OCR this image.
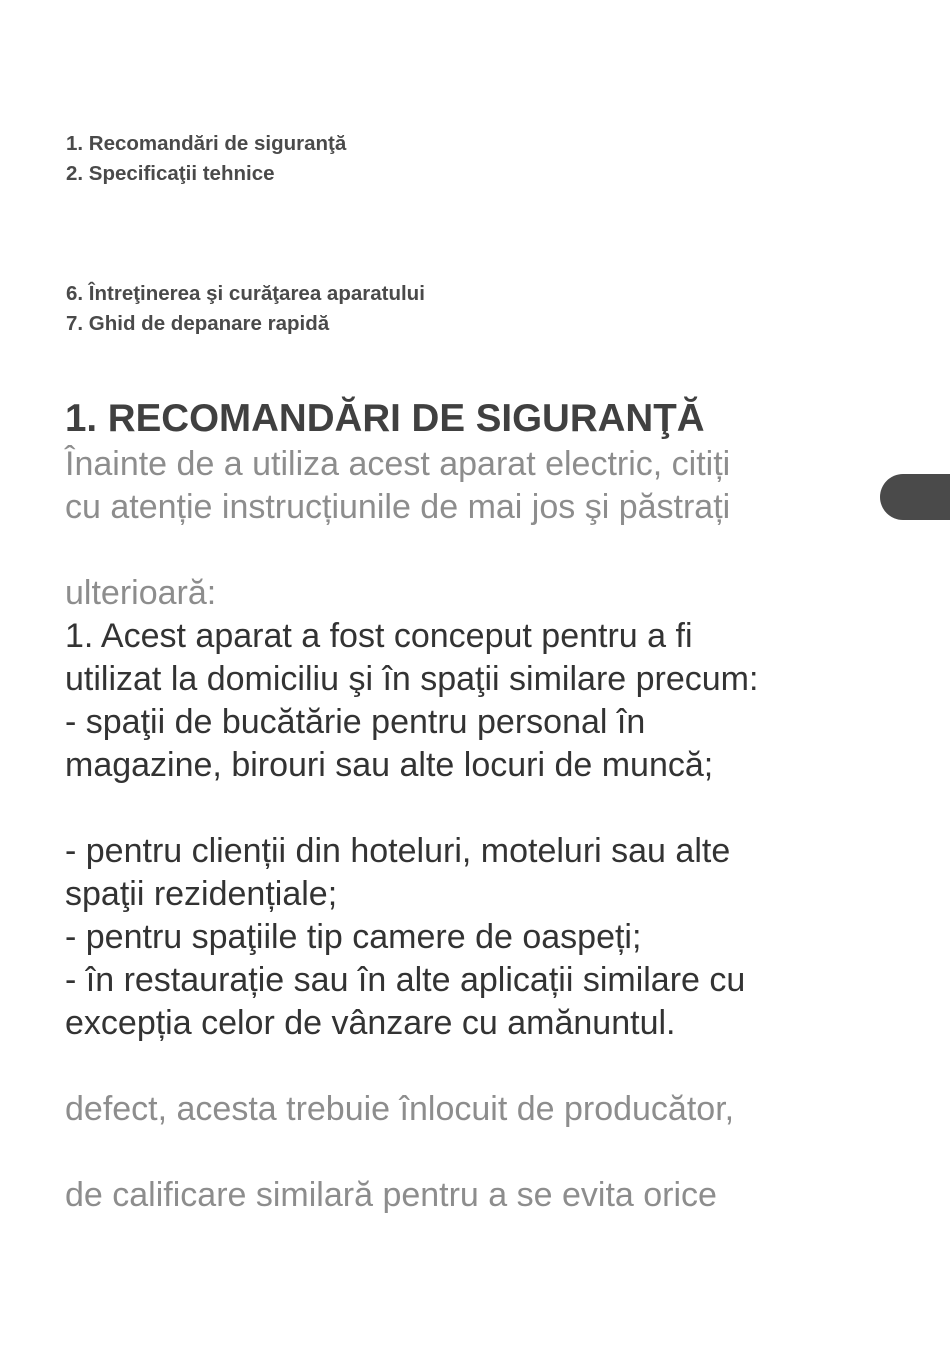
1. Recomandări de siguranţă
2. Specificaţii tehnice
6. Întreţinerea şi curăţarea aparatului
7. Ghid de depanare rapidă
1. RECOMANDĂRI DE SIGURANŢĂ
Înainte de a utiliza acest aparat electric, citiți
cu atenție instrucțiunile de mai jos şi păstrați
ulterioară:
1. Acest aparat a fost conceput pentru a fi
utilizat la domiciliu şi în spaţii similare precum:
- spaţii de bucătărie pentru personal în
magazine, birouri sau alte locuri de muncă;
- pentru clienții din hoteluri, moteluri sau alte
spaţii rezidențiale;
- pentru spaţiile tip camere de oaspeți;
- în restaurație sau în alte aplicații similare cu
excepția celor de vânzare cu amănuntul.
defect, acesta trebuie înlocuit de producător,
de calificare similară pentru a se evita orice
